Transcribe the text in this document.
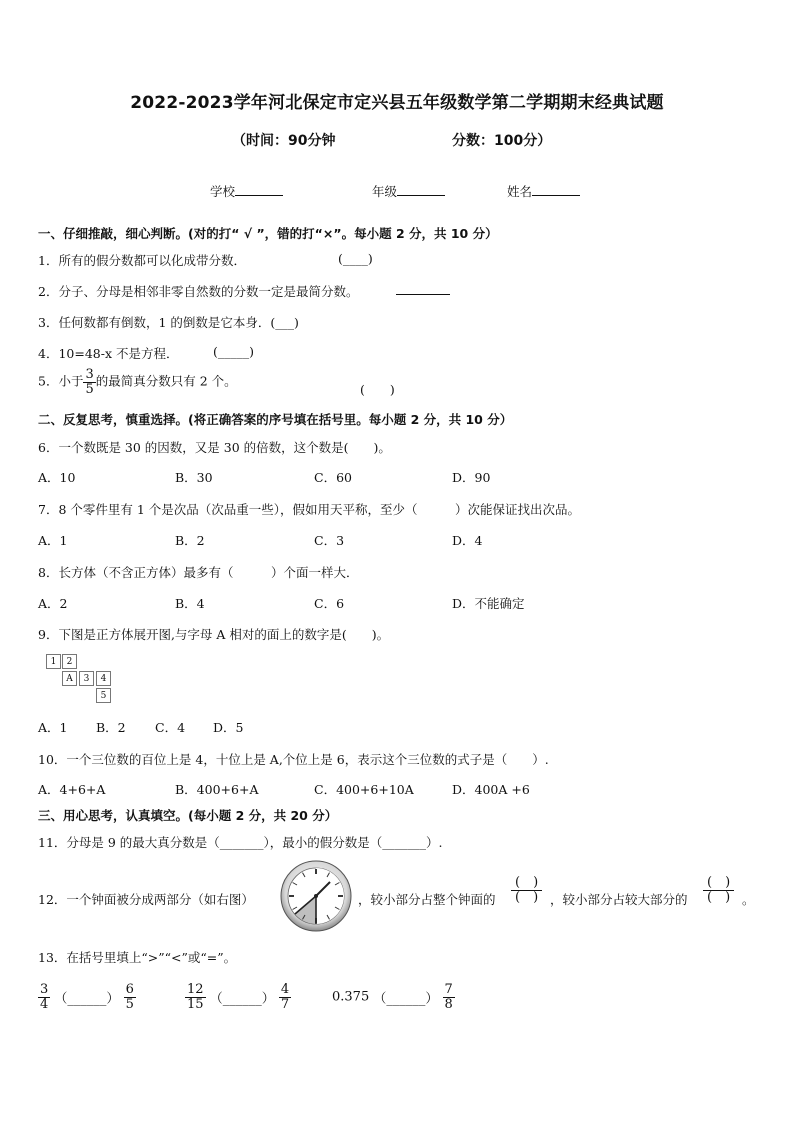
2022-2023学年河北保定市定兴县五年级数学第二学期期末经典试题
（时间：90分钟	分数：100分）
学校	年级	姓名
一、仔细推敲，细心判断。(对的打“ √ ”，错的打“×”。每小题 2 分，共 10 分）
1．所有的假分数都可以化成带分数．	(____)
2．分子、分母是相邻非零自然数的分数一定是最简分数。
3．任何数都有倒数，1 的倒数是它本身．(___)
4．10=48-x 不是方程．	(_____)
5．小于 $\frac{3}{5}$ 的最简真分数只有 2 个。
(　　)
二、反复思考，慎重选择。(将正确答案的序号填在括号里。每小题 2 分，共 10 分）
6．一个数既是 30 的因数，又是 30 的倍数，这个数是(　　)。
A．10	B．30	C．60	D．90
7．8 个零件里有 1 个是次品（次品重一些），假如用天平称，至少（　　　）次能保证找出次品。
A．1	B．2	C．3	D．4
8．长方体（不含正方体）最多有（　　　）个面一样大．
A．2	B．4	C．6	D．不能确定
9．下图是正方体展开图,与字母 A 相对的面上的数字是(　　)。
1	2
A	3	4
5
A．1 B．2 C．4 D．5
10．一个三位数的百位上是 4，十位上是 A,个位上是 6，表示这个三位数的式子是（　　）.
A．4+6+A	B．400+6+A	C．400+6+10A	D．400A +6
三、用心思考，认真填空。(每小题 2 分，共 20 分）
11．分母是 9 的最大真分数是（_______），最小的假分数是（_______）.
12．一个钟面被分成两部分（如右图）	，较小部分占整个钟面的
(　)
(　) ，较小部分占较大部分的
(　)
(　) 。
13．在括号里填上“>”“<”或“=”。
$\frac{3}{4}$ （______） $\frac{6}{5}$	$\frac{12}{15}$ （______） $\frac{4}{7}$	0.375 （______） $\frac{7}{8}$
